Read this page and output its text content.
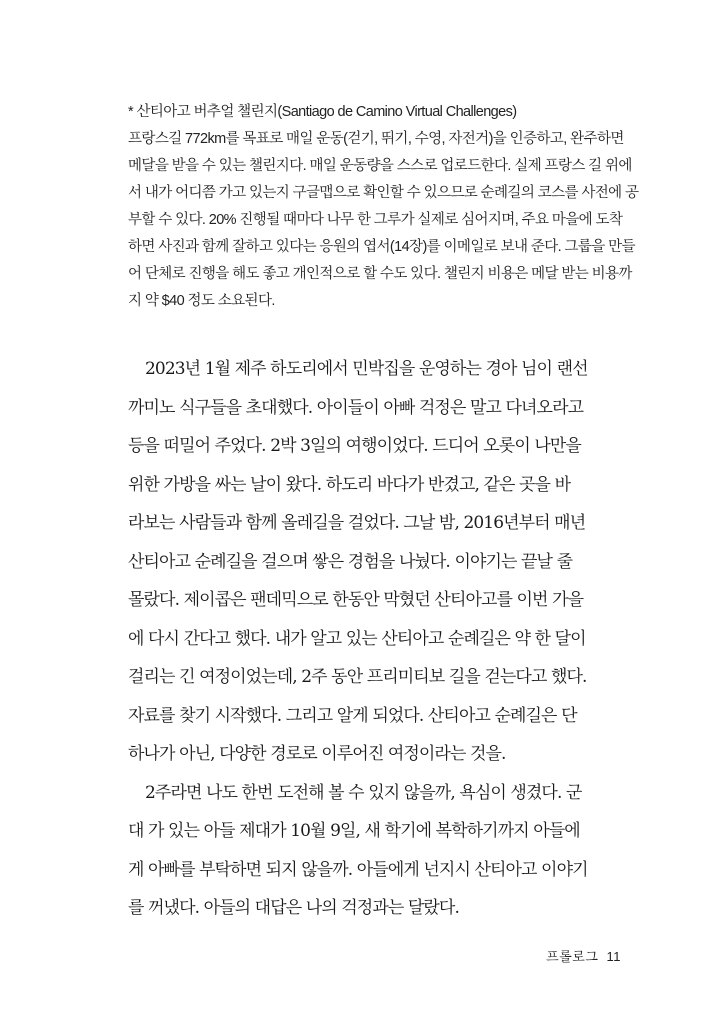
* 산티아고 버추얼 챌린지(Santiago de Camino Virtual Challenges)
프랑스길 772km를 목표로 매일 운동(걷기, 뛰기, 수영, 자전거)을 인증하고, 완주하면
메달을 받을 수 있는 챌린지다. 매일 운동량을 스스로 업로드한다. 실제 프랑스 길 위에
서 내가 어디쯤 가고 있는지 구글맵으로 확인할 수 있으므로 순례길의 코스를 사전에 공
부할 수 있다. 20% 진행될 때마다 나무 한 그루가 실제로 심어지며, 주요 마을에 도착
하면 사진과 함께 잘하고 있다는 응원의 엽서(14장)를 이메일로 보내 준다. 그룹을 만들
어 단체로 진행을 해도 좋고 개인적으로 할 수도 있다. 챌린지 비용은 메달 받는 비용까
지 약 $40 정도 소요된다.
2023년 1월 제주 하도리에서 민박집을 운영하는 경아 님이 랜선
까미노 식구들을 초대했다. 아이들이 아빠 걱정은 말고 다녀오라고
등을 떠밀어 주었다. 2박 3일의 여행이었다. 드디어 오롯이 나만을
위한 가방을 싸는 날이 왔다. 하도리 바다가 반겼고, 같은 곳을 바
라보는 사람들과 함께 올레길을 걸었다. 그날 밤, 2016년부터 매년
산티아고 순례길을 걸으며 쌓은 경험을 나눴다. 이야기는 끝날 줄
몰랐다. 제이콥은 팬데믹으로 한동안 막혔던 산티아고를 이번 가을
에 다시 간다고 했다. 내가 알고 있는 산티아고 순례길은 약 한 달이
걸리는 긴 여정이었는데, 2주 동안 프리미티보 길을 걷는다고 했다.
자료를 찾기 시작했다. 그리고 알게 되었다. 산티아고 순례길은 단
하나가 아닌, 다양한 경로로 이루어진 여정이라는 것을.
2주라면 나도 한번 도전해 볼 수 있지 않을까, 욕심이 생겼다. 군
대 가 있는 아들 제대가 10월 9일, 새 학기에 복학하기까지 아들에
게 아빠를 부탁하면 되지 않을까. 아들에게 넌지시 산티아고 이야기
를 꺼냈다. 아들의 대답은 나의 걱정과는 달랐다.
프롤로그 11
